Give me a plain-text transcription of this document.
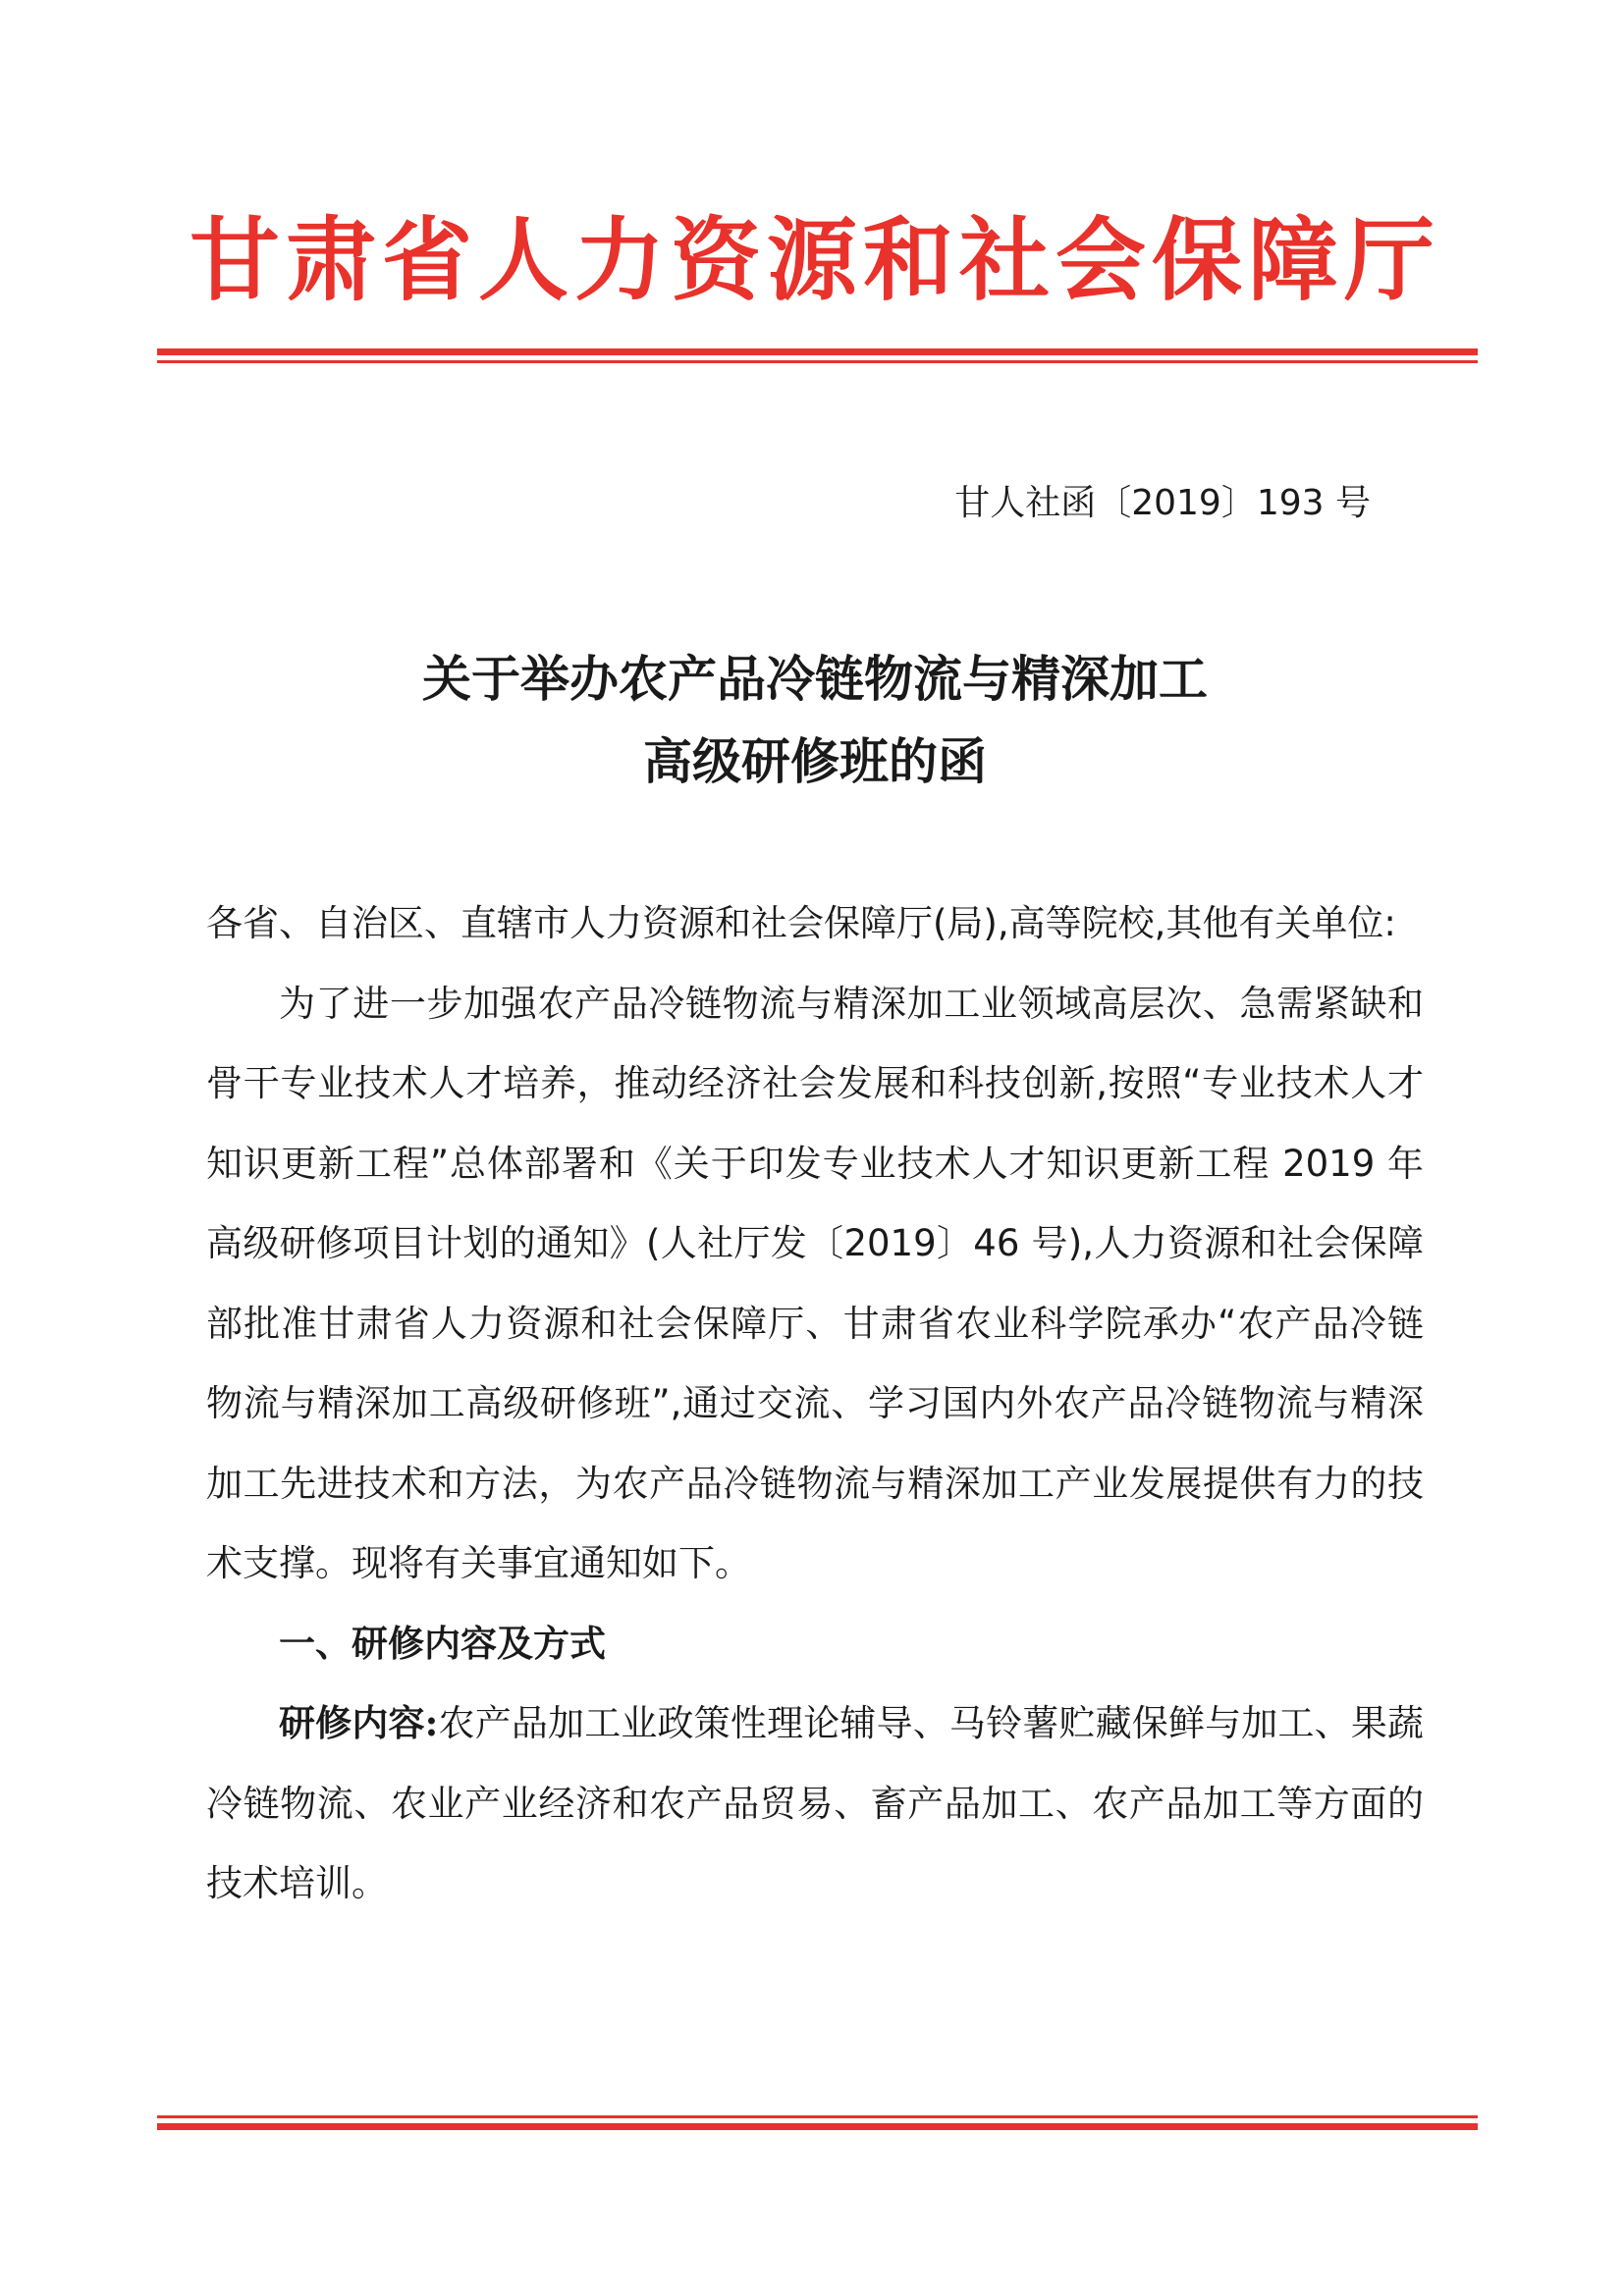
甘肃省人力资源和社会保障厅
甘人社函〔2019〕193 号
关于举办农产品冷链物流与精深加工
高级研修班的函

各省、自治区、直辖市人力资源和社会保障厅(局),高等院校,其他有关单位:

为了进一步加强农产品冷链物流与精深加工业领域高层次、急需紧缺和骨干专业技术人才培养，推动经济社会发展和科技创新,按照“专业技术人才知识更新工程”总体部署和《关于印发专业技术人才知识更新工程 2019 年高级研修项目计划的通知》(人社厅发〔2019〕46 号),人力资源和社会保障部批准甘肃省人力资源和社会保障厅、甘肃省农业科学院承办“农产品冷链物流与精深加工高级研修班”,通过交流、学习国内外农产品冷链物流与精深加工先进技术和方法，为农产品冷链物流与精深加工产业发展提供有力的技术支撑。现将有关事宜通知如下。

一、研修内容及方式

研修内容:农产品加工业政策性理论辅导、马铃薯贮藏保鲜与加工、果蔬冷链物流、农业产业经济和农产品贸易、畜产品加工、农产品加工等方面的技术培训。
